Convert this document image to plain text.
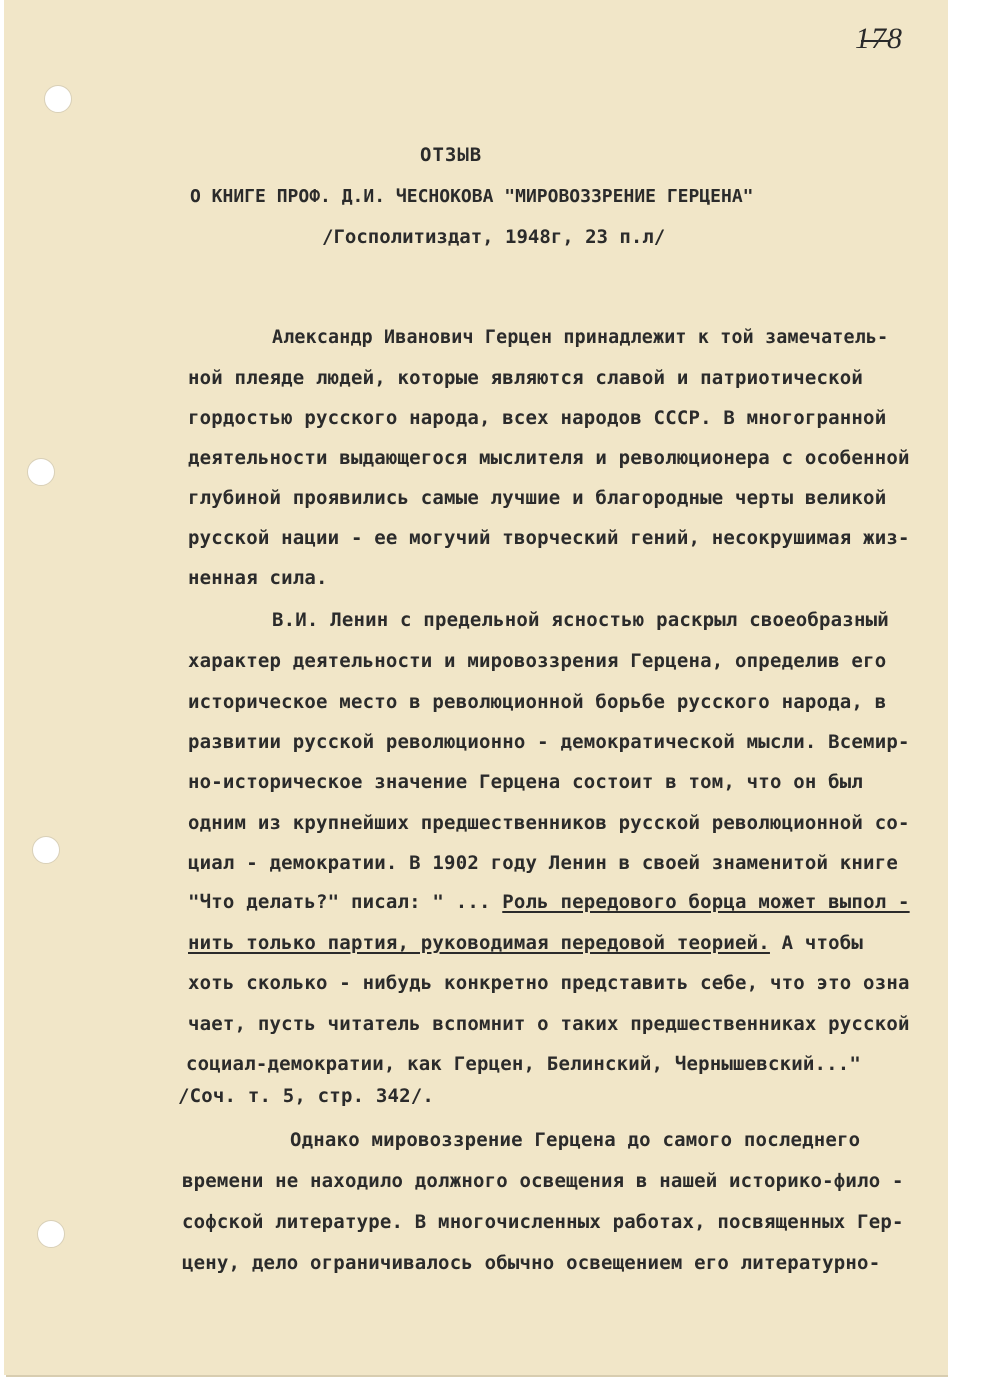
178
ОТЗЫВ
О КНИГЕ ПРОФ. Д.И. ЧЕСНОКОВА "МИРОВОЗЗРЕНИЕ ГЕРЦЕНА"
/Госполитиздат, 1948г, 23 п.л/
Александр Иванович Герцен принадлежит к той замечатель-
ной плеяде людей, которые являются славой и патриотической
гордостью русского народа, всех народов СССР. В многогранной
деятельности выдающегося мыслителя и революционера с особенной
глубиной проявились самые лучшие и благородные черты великой
русской нации - ее могучий творческий гений, несокрушимая жиз-
ненная сила.
В.И. Ленин с предельной ясностью раскрыл своеобразный
характер деятельности и мировоззрения Герцена, определив его
историческое место в революционной борьбе русского народа, в
развитии русской революционно - демократической мысли. Всемир-
но-историческое значение Герцена состоит в том, что он был
одним из крупнейших предшественников русской революционной со-
циал - демократии. В 1902 году Ленин в своей знаменитой книге
"Что делать?" писал: " ... Роль передового борца может выпол -
нить только партия, руководимая передовой теорией. А чтобы
хоть сколько - нибудь конкретно представить себе, что это озна
чает, пусть читатель вспомнит о таких предшественниках русской
социал-демократии, как Герцен, Белинский, Чернышевский..."
/Соч. т. 5, стр. 342/.
Однако мировоззрение Герцена до самого последнего
времени не находило должного освещения в нашей историко-фило -
софской литературе. В многочисленных работах, посвященных Гер-
цену, дело ограничивалось обычно освещением его литературно-
